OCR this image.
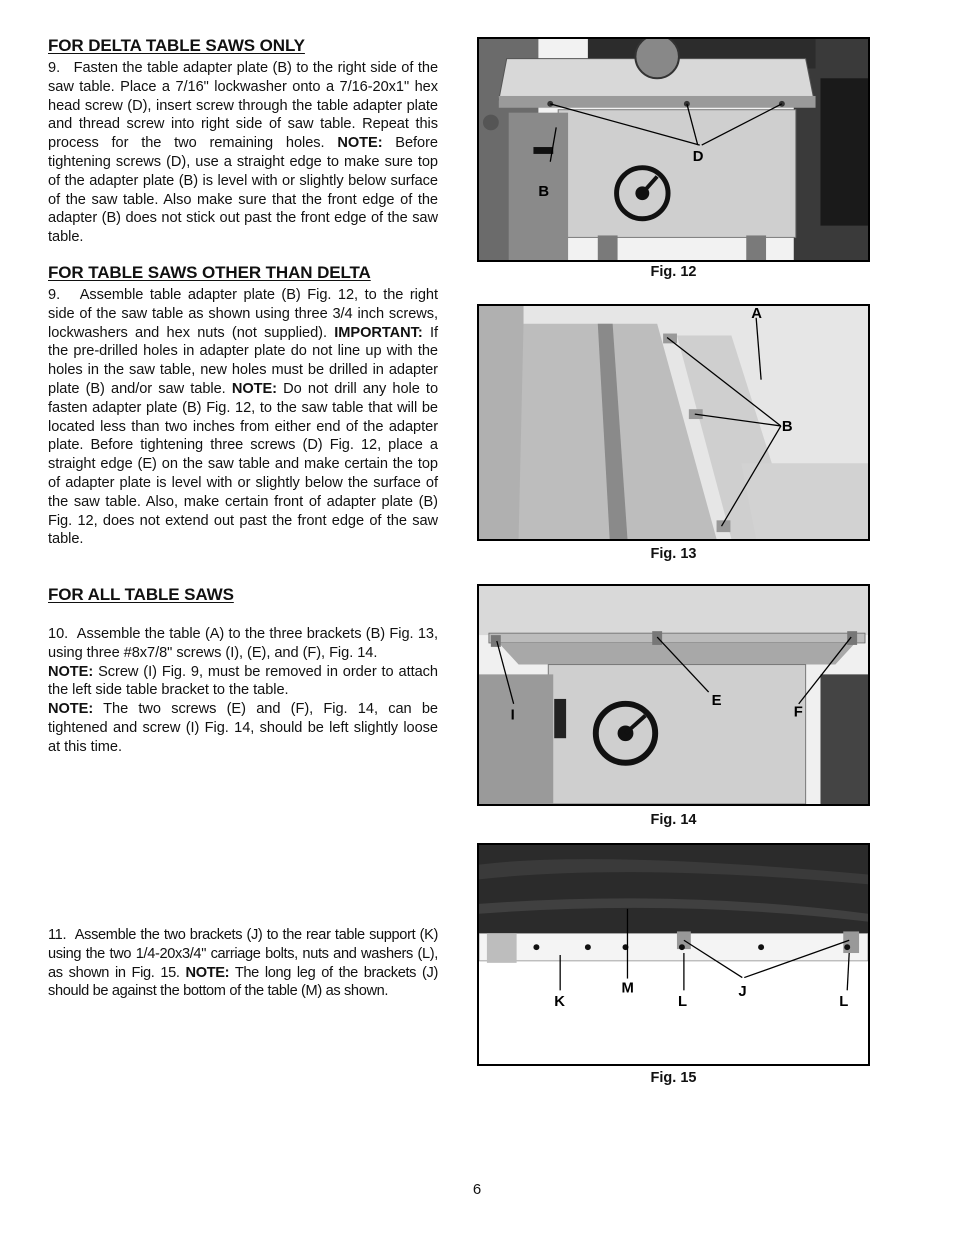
FOR DELTA TABLE SAWS ONLY

9. Fasten the table adapter plate (B) to the right side of the saw table. Place a 7/16" lockwasher onto a 7/16-20x1" hex head screw (D), insert screw through the table adapter plate and thread screw into right side of saw table. Repeat this process for the two remaining holes. NOTE: Before tightening screws (D), use a straight edge to make sure top of the adapter plate (B) is level with or slightly below surface of the saw table. Also make sure that the front edge of the adapter (B) does not stick out past the front edge of the saw table.

FOR TABLE SAWS OTHER THAN DELTA

9. Assemble table adapter plate (B) Fig. 12, to the right side of the saw table as shown using three 3/4 inch screws, lockwashers and hex nuts (not supplied). IMPORTANT: If the pre-drilled holes in adapter plate do not line up with the holes in the saw table, new holes must be drilled in adapter plate (B) and/or saw table. NOTE: Do not drill any hole to fasten adapter plate (B) Fig. 12, to the saw table that will be located less than two inches from either end of the adapter plate. Before tightening three screws (D) Fig. 12, place a straight edge (E) on the saw table and make certain the top of adapter plate is level with or slightly below the surface of the saw table. Also, make certain front of adapter plate (B) Fig. 12, does not extend out past the front edge of the saw table.

FOR ALL TABLE SAWS

10. Assemble the table (A) to the three brackets (B) Fig. 13, using three #8x7/8" screws (I), (E), and (F), Fig. 14.
NOTE: Screw (I) Fig. 9, must be removed in order to attach the left side table bracket to the table.
NOTE: The two screws (E) and (F), Fig. 14, can be tightened and screw (I) Fig. 14, should be left slightly loose at this time.

11. Assemble the two brackets (J) to the rear table support (K) using the two 1/4-20x3/4" carriage bolts, nuts and washers (L), as shown in Fig. 15. NOTE: The long leg of the brackets (J) should be against the bottom of the table (M) as shown.

D
B
Fig. 12
A
B
Fig. 13
I
E
F
Fig. 14
K
M
L
J
L
Fig. 15
6
